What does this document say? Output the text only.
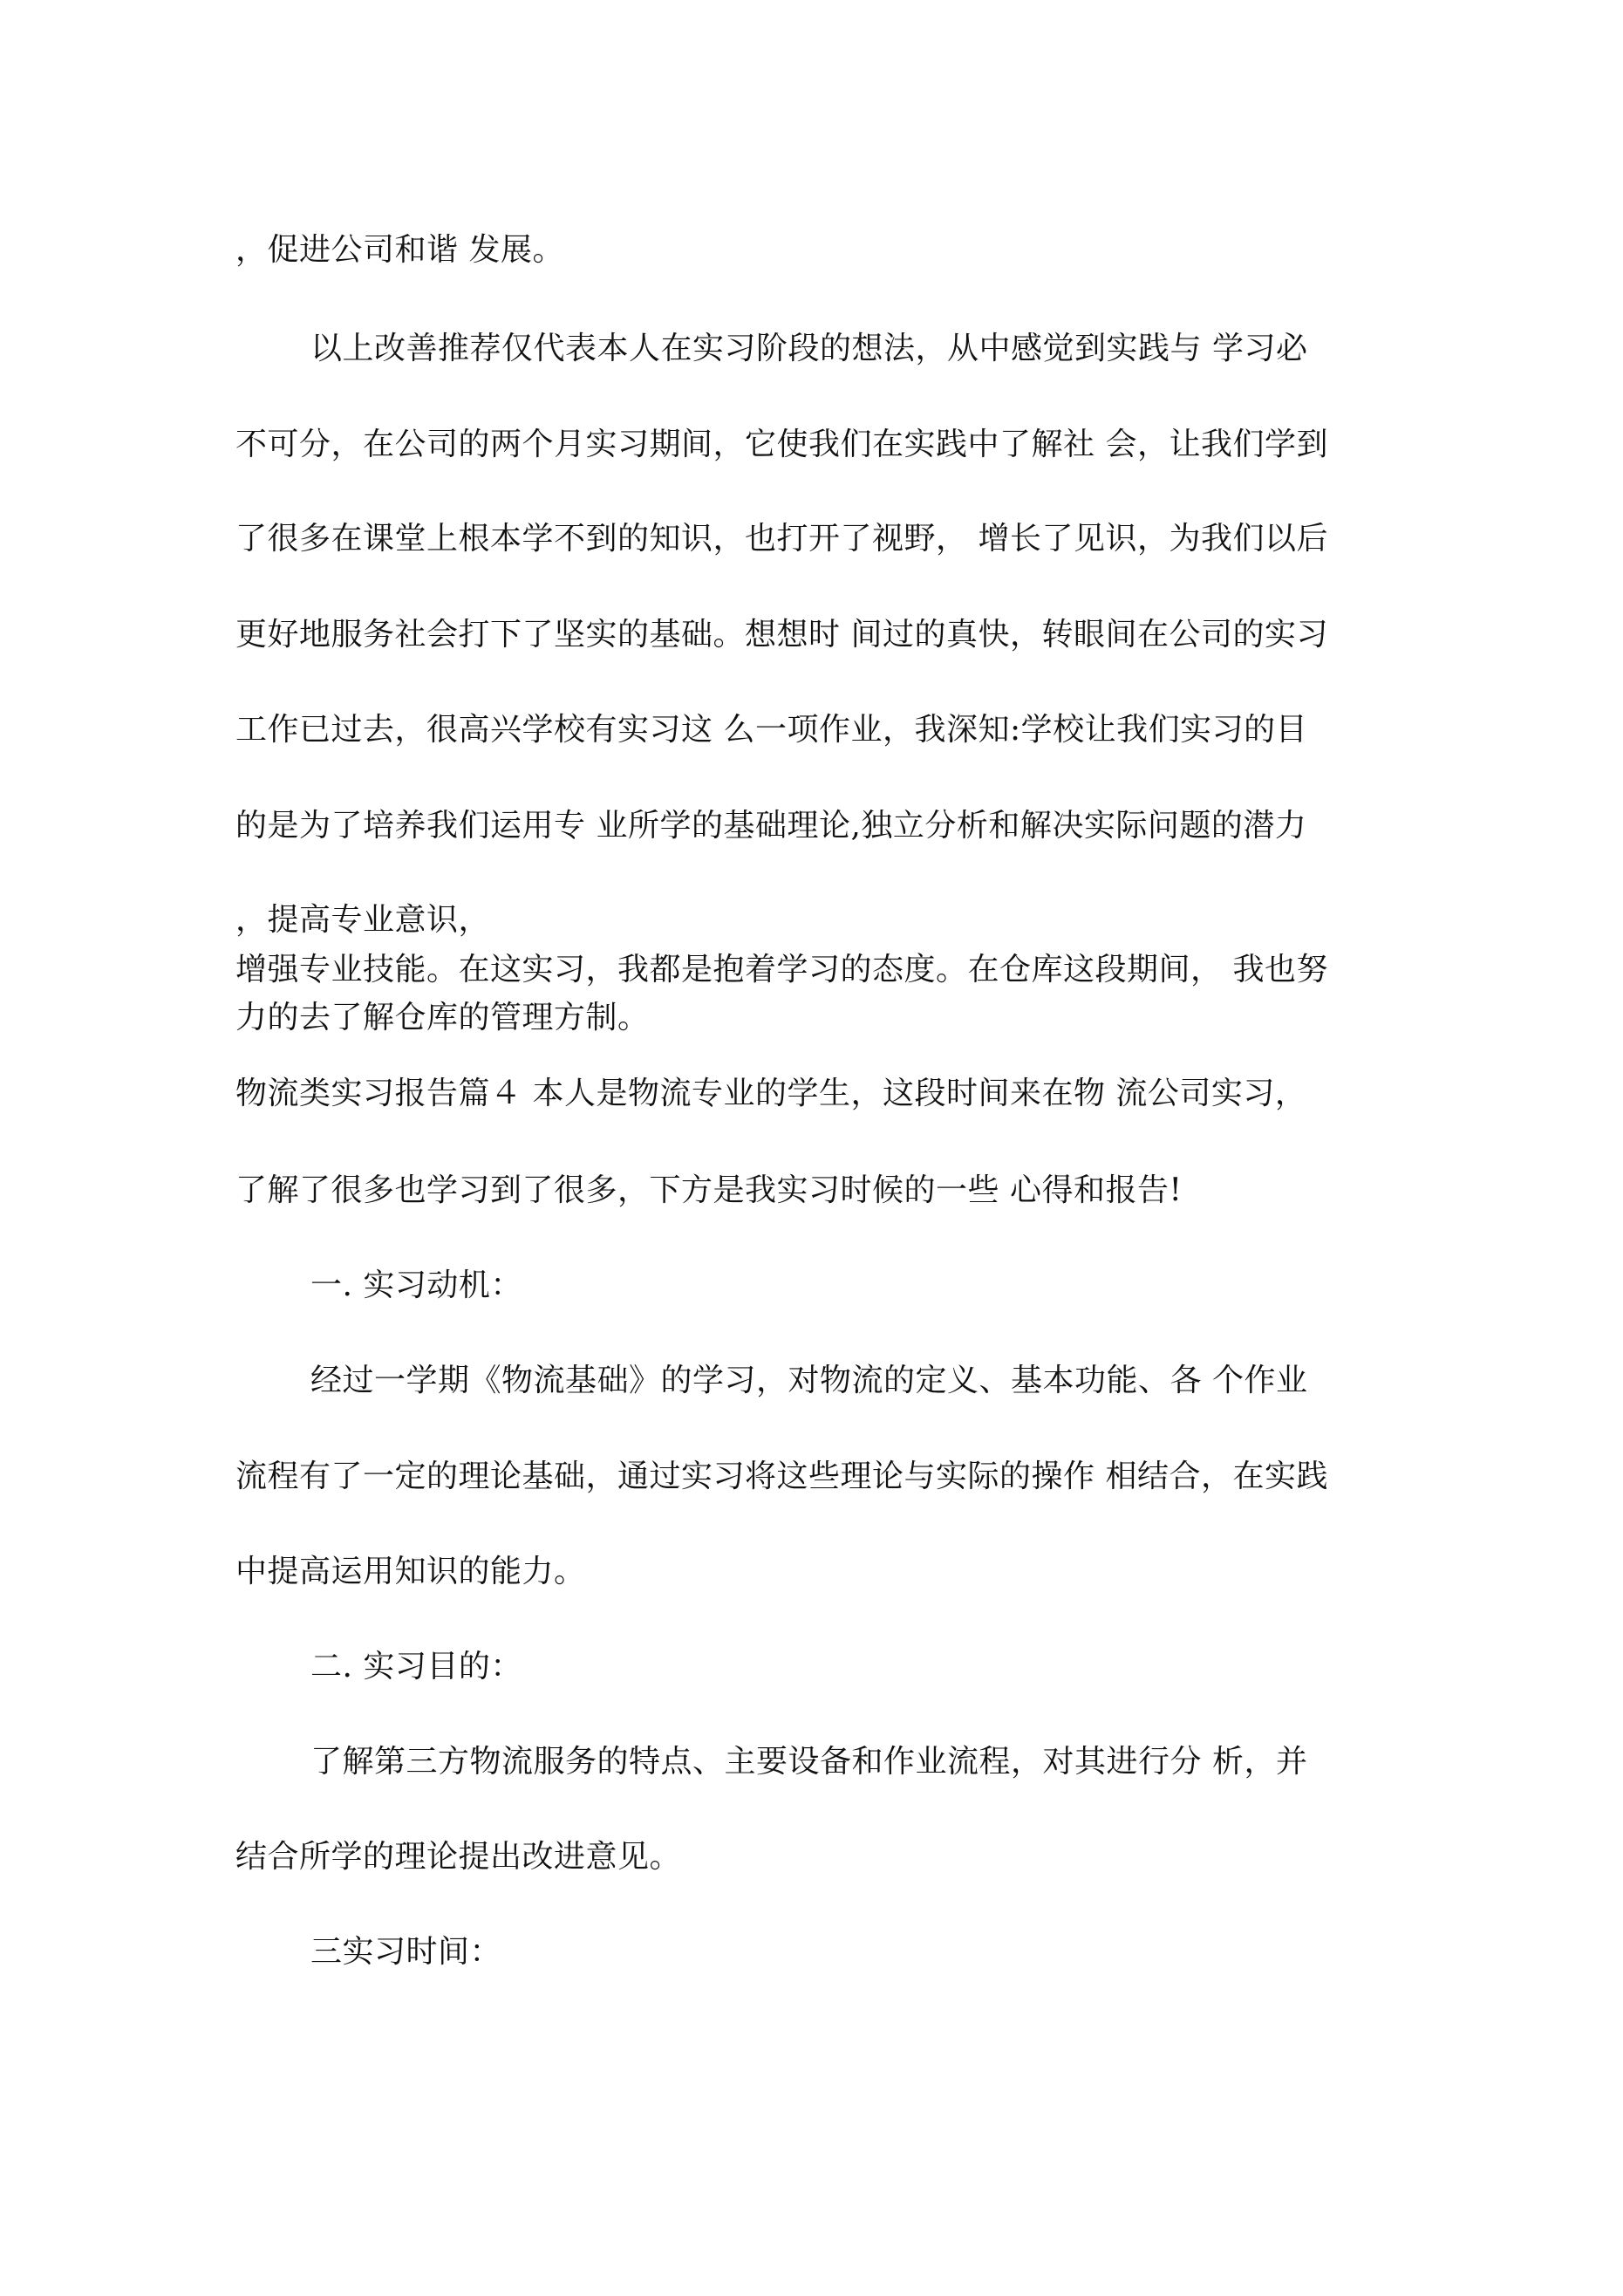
，促进公司和谐 发展。
以上改善推荐仅代表本人在实习阶段的想法，从中感觉到实践与 学习必
不可分，在公司的两个月实习期间，它使我们在实践中了解社 会，让我们学到
了很多在课堂上根本学不到的知识，也打开了视野， 增长了见识，为我们以后
更好地服务社会打下了坚实的基础。想想时 间过的真快，转眼间在公司的实习
工作已过去，很高兴学校有实习这 么一项作业，我深知:学校让我们实习的目
的是为了培养我们运用专 业所学的基础理论,独立分析和解决实际问题的潜力
，提高专业意识，
增强专业技能。在这实习，我都是抱着学习的态度。在仓库这段期间， 我也努
力的去了解仓库的管理方制。
物流类实习报告篇４ 本人是物流专业的学生，这段时间来在物 流公司实习，
了解了很多也学习到了很多，下方是我实习时候的一些 心得和报告!
一. 实习动机：
经过一学期《物流基础》的学习，对物流的定义、基本功能、各 个作业
流程有了一定的理论基础，通过实习将这些理论与实际的操作 相结合，在实践
中提高运用知识的能力。
二. 实习目的：
了解第三方物流服务的特点、主要设备和作业流程，对其进行分 析，并
结合所学的理论提出改进意见。
三实习时间：
